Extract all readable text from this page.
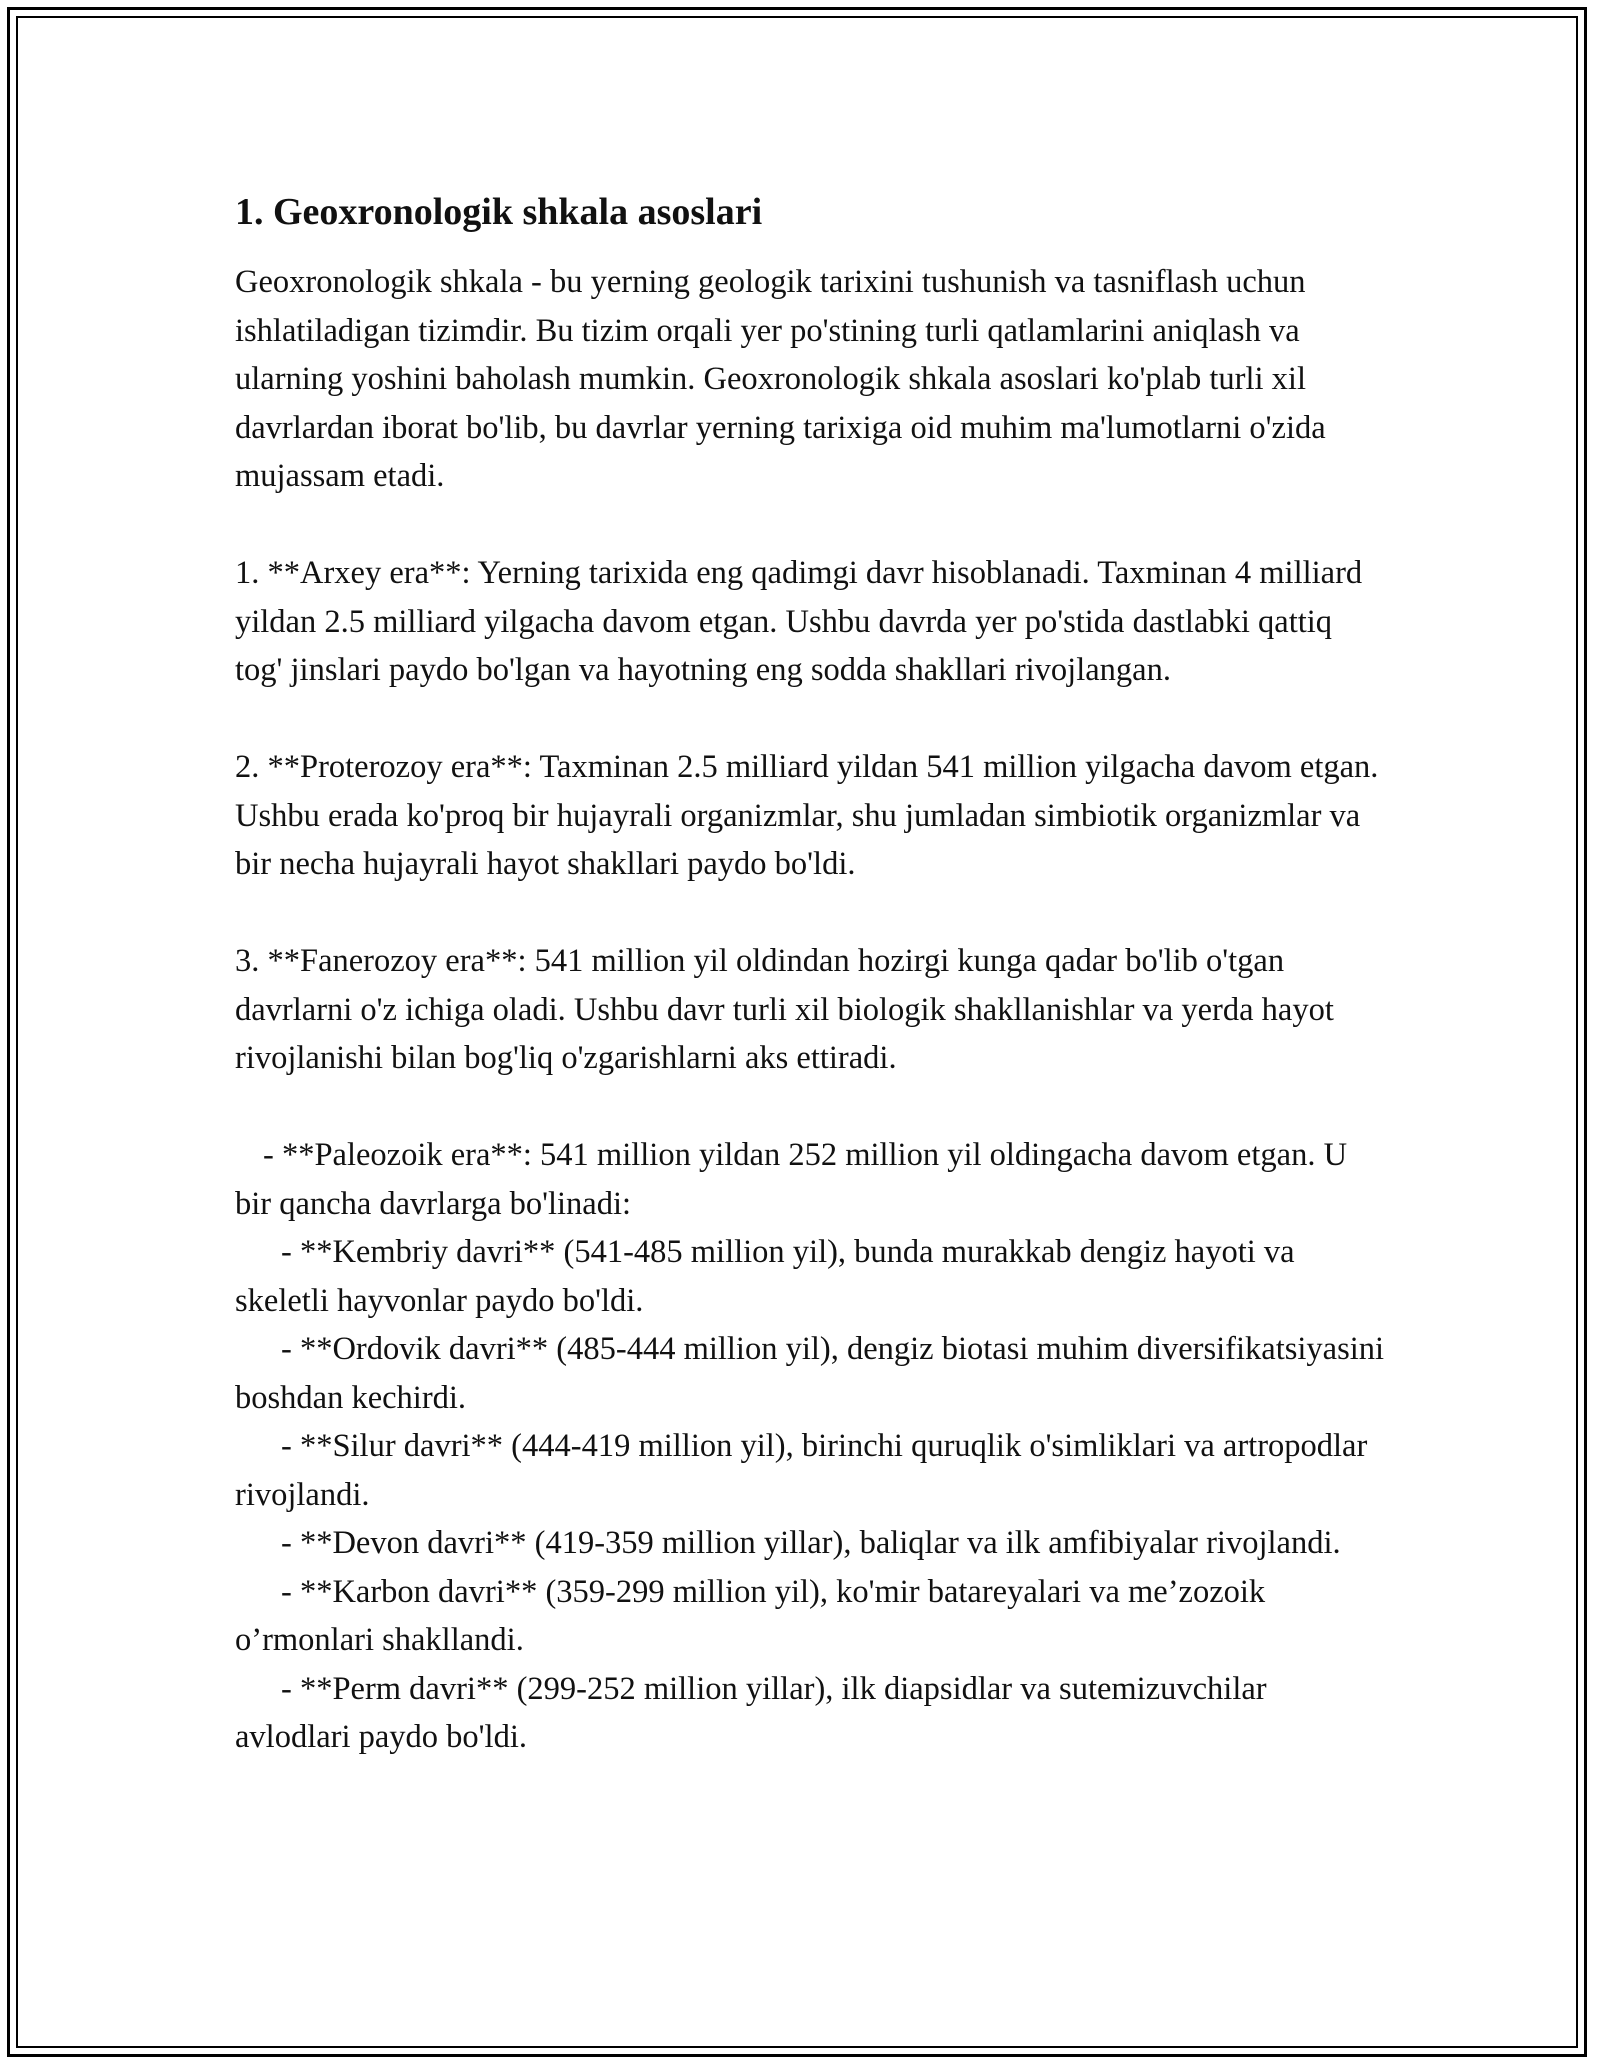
1. Geoxronologik shkala asoslari

Geoxronologik shkala - bu yerning geologik tarixini tushunish va tasniflash uchun ishlatiladigan tizimdir. Bu tizim orqali yer po'stining turli qatlamlarini aniqlash va ularning yoshini baholash mumkin. Geoxronologik shkala asoslari ko'plab turli xil davrlardan iborat bo'lib, bu davrlar yerning tarixiga oid muhim ma'lumotlarni o'zida mujassam etadi.

1. **Arxey era**: Yerning tarixida eng qadimgi davr hisoblanadi. Taxminan 4 milliard yildan 2.5 milliard yilgacha davom etgan. Ushbu davrda yer po'stida dastlabki qattiq tog' jinslari paydo bo'lgan va hayotning eng sodda shakllari rivojlangan.

2. **Proterozoy era**: Taxminan 2.5 milliard yildan 541 million yilgacha davom etgan. Ushbu erada ko'proq bir hujayrali organizmlar, shu jumladan simbiotik organizmlar va bir necha hujayrali hayot shakllari paydo bo'ldi.

3. **Fanerozoy era**: 541 million yil oldindan hozirgi kunga qadar bo'lib o'tgan davrlarni o'z ichiga oladi. Ushbu davr turli xil biologik shakllanishlar va yerda hayot rivojlanishi bilan bog'liq o'zgarishlarni aks ettiradi.

- **Paleozoik era**: 541 million yildan 252 million yil oldingacha davom etgan. U bir qancha davrlarga bo'linadi:

- **Kembriy davri** (541-485 million yil), bunda murakkab dengiz hayoti va skeletli hayvonlar paydo bo'ldi.

- **Ordovik davri** (485-444 million yil), dengiz biotasi muhim diversifikatsiyasini boshdan kechirdi.

- **Silur davri** (444-419 million yil), birinchi quruqlik o'simliklari va artropodlar rivojlandi.

- **Devon davri** (419-359 million yillar), baliqlar va ilk amfibiyalar rivojlandi.

- **Karbon davri** (359-299 million yil), ko'mir batareyalari va me’zozoik o’rmonlari shakllandi.

- **Perm davri** (299-252 million yillar), ilk diapsidlar va sutemizuvchilar avlodlari paydo bo'ldi.
